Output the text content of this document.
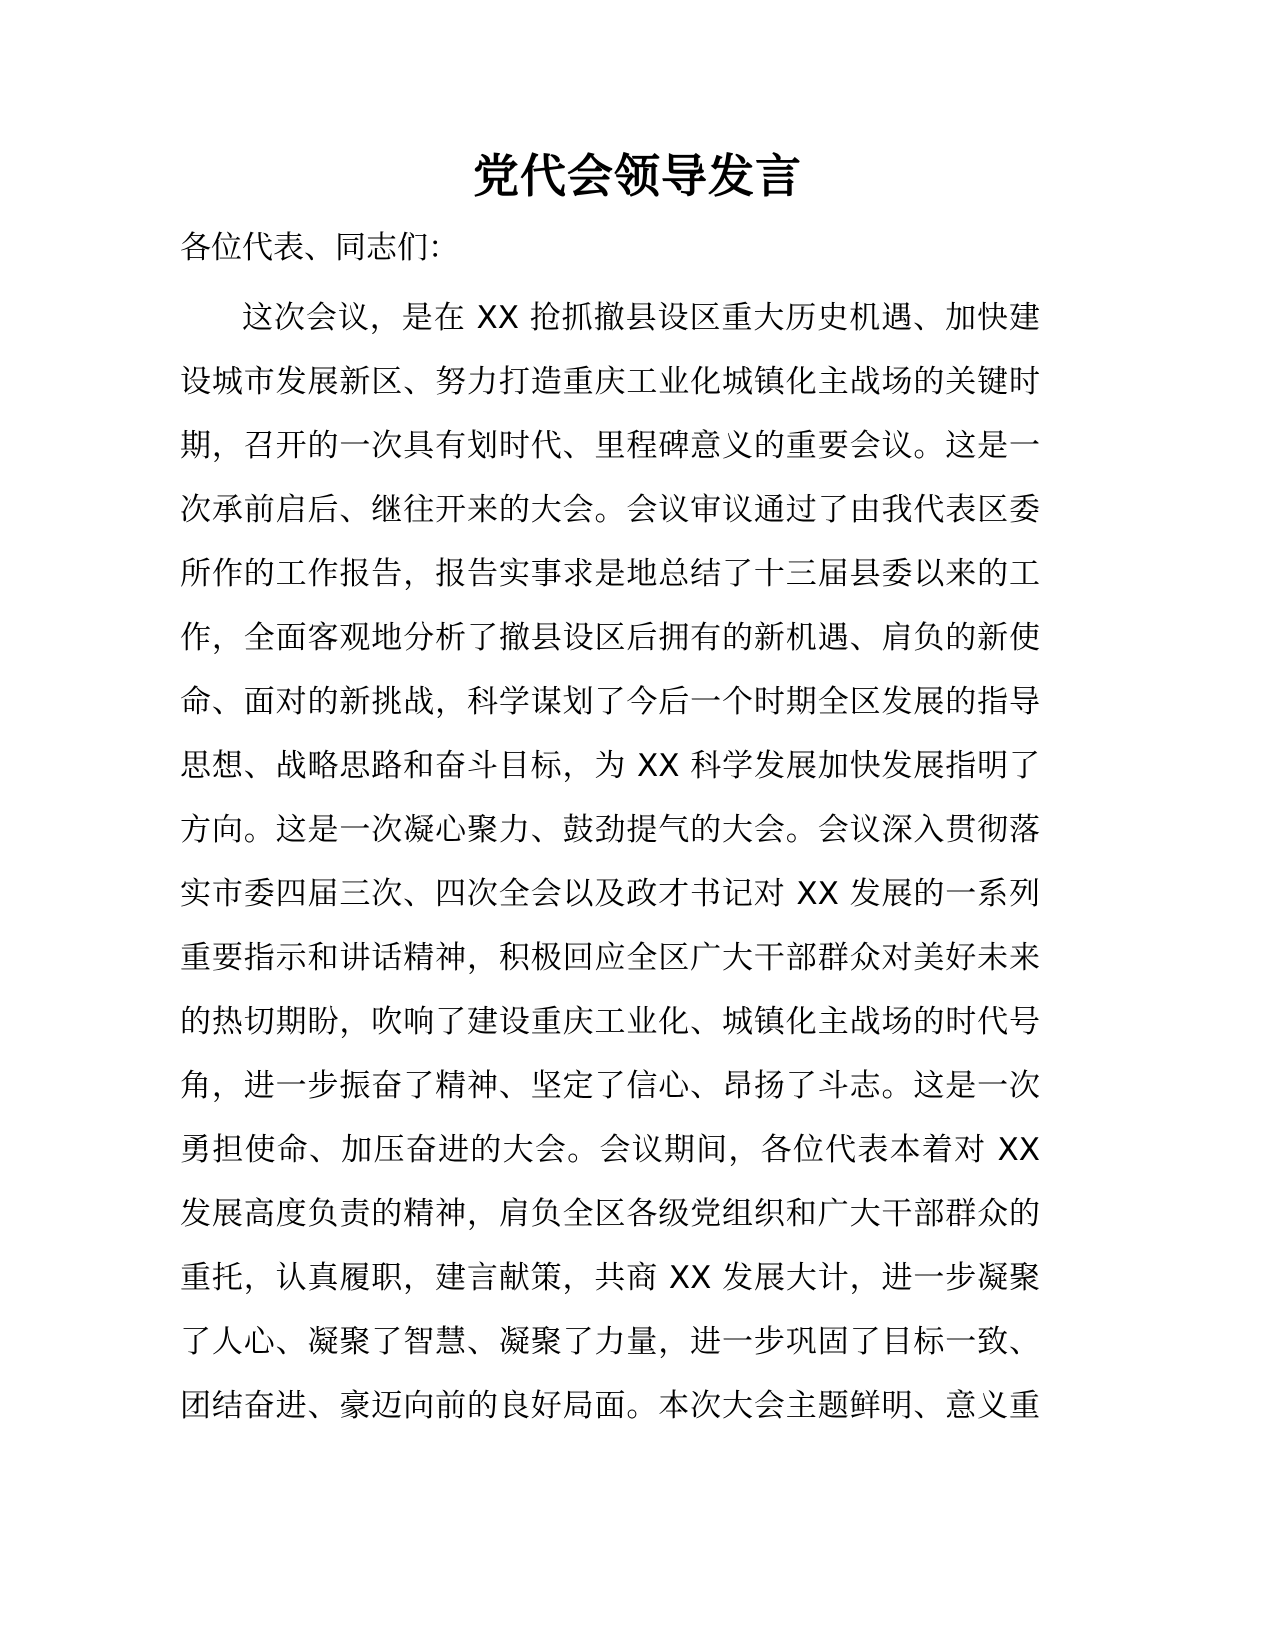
党代会领导发言
各位代表、同志们：
这次会议，是在 XX 抢抓撤县设区重大历史机遇、加快建
设城市发展新区、努力打造重庆工业化城镇化主战场的关键时
期，召开的一次具有划时代、里程碑意义的重要会议。这是一
次承前启后、继往开来的大会。会议审议通过了由我代表区委
所作的工作报告，报告实事求是地总结了十三届县委以来的工
作，全面客观地分析了撤县设区后拥有的新机遇、肩负的新使
命、面对的新挑战，科学谋划了今后一个时期全区发展的指导
思想、战略思路和奋斗目标，为 XX 科学发展加快发展指明了
方向。这是一次凝心聚力、鼓劲提气的大会。会议深入贯彻落
实市委四届三次、四次全会以及政才书记对 XX 发展的一系列
重要指示和讲话精神，积极回应全区广大干部群众对美好未来
的热切期盼，吹响了建设重庆工业化、城镇化主战场的时代号
角，进一步振奋了精神、坚定了信心、昂扬了斗志。这是一次
勇担使命、加压奋进的大会。会议期间，各位代表本着对 XX
发展高度负责的精神，肩负全区各级党组织和广大干部群众的
重托，认真履职，建言献策，共商 XX 发展大计，进一步凝聚
了人心、凝聚了智慧、凝聚了力量，进一步巩固了目标一致、
团结奋进、豪迈向前的良好局面。本次大会主题鲜明、意义重
